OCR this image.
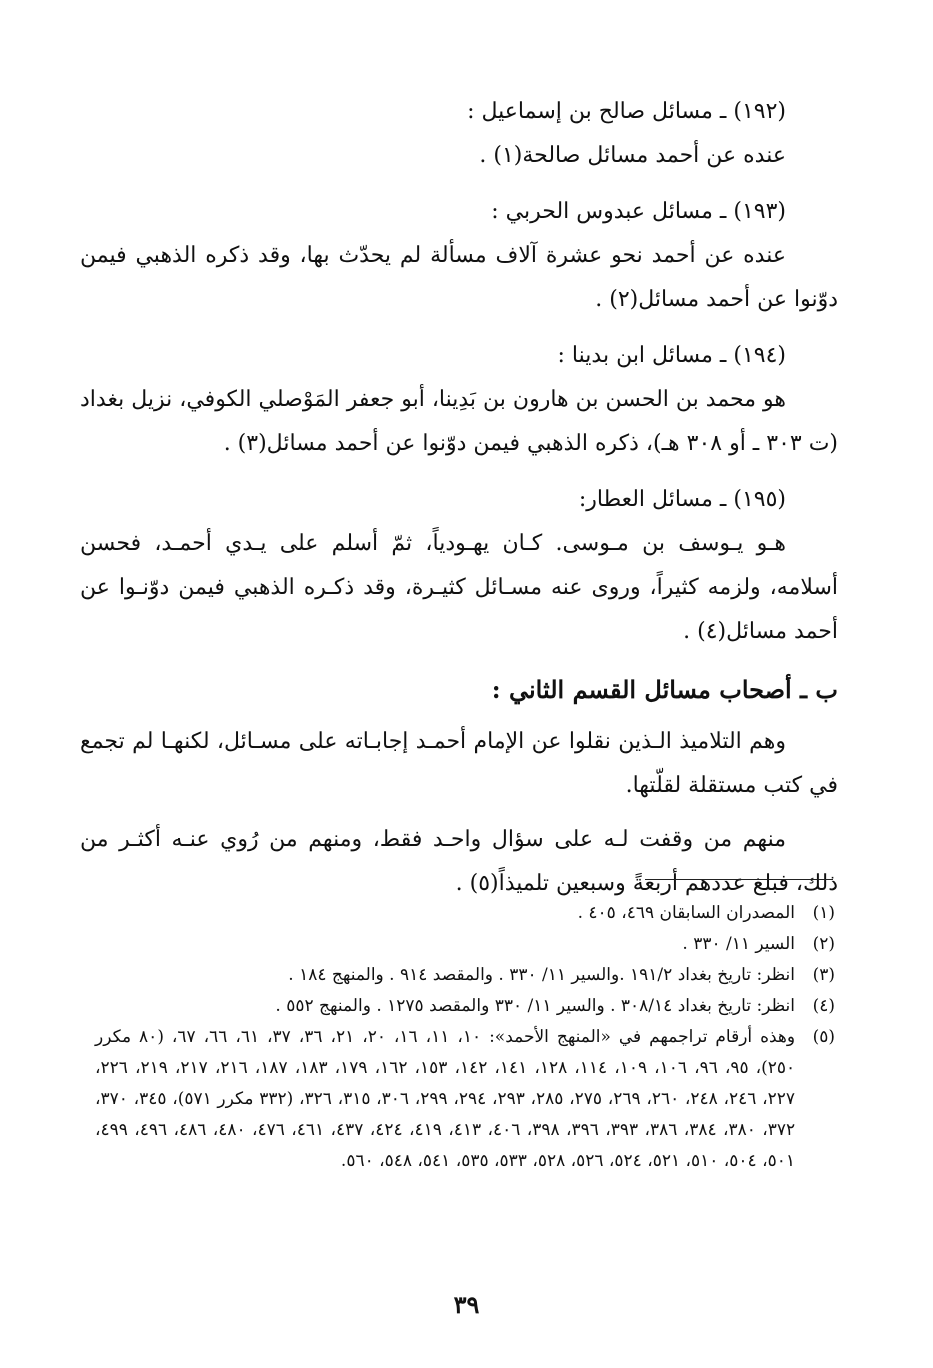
(١٩٢) ـ مسائل صالح بن إسماعيل :

عنده عن أحمد مسائل صالحة(١) .

(١٩٣) ـ مسائل عبدوس الحربي :

عنده عن أحمد نحو عشرة آلاف مسألة لم يحدّث بها، وقد ذكره الذهبي فيمن دوّنوا عن أحمد مسائل(٢) .

(١٩٤) ـ مسائل ابن بدينا :

هو محمد بن الحسن بن هارون بن بَدِينا، أبو جعفر المَوْصلي الكوفي، نزيل بغداد (ت ٣٠٣ ـ أو ٣٠٨ هـ)، ذكره الذهبي فيمن دوّنوا عن أحمد مسائل(٣) .

(١٩٥) ـ مسائل العطار:

هـو يـوسف بن مـوسى. كـان يهـودياً، ثمّ أسلم على يـدي أحمـد، فحسن أسلامه، ولزمه كثيراً، وروى عنه مسـائل كثيـرة، وقد ذكـره الذهبي فيمن دوّنـوا عن أحمد مسائل(٤) .

ب ـ أصحاب مسائل القسم الثاني :

وهم التلاميذ الـذين نقلوا عن الإمام أحمـد إجابـاته على مسـائل، لكنهـا لم تجمع في كتب مستقلة لقلّتها.

منهم من وقفت لـه على سؤال واحـد فقط، ومنهم من رُوي عنـه أكثـر من ذلك، فبلغ عددهم أربعةً وسبعين تلميذاً(٥) .

(١)
المصدران السابقان ٤٦٩، ٤٠٥ .
(٢)
السير ١١/ ٣٣٠ .
(٣)
انظر: تاريخ بغداد ١٩١/٢ .والسير ١١/ ٣٣٠ . والمقصد ٩١٤ . والمنهج ١٨٤ .
(٤)
انظر: تاريخ بغداد ٣٠٨/١٤ . والسير ١١/ ٣٣٠ والمقصد ١٢٧٥ . والمنهج ٥٥٢ .
(٥)
وهذه أرقام تراجمهم في «المنهج الأحمد»: ١٠، ١١، ١٦، ٢٠، ٢١، ٣٦، ٣٧، ٦١، ٦٦، ٦٧، (٨٠ مكرر ٢٥٠)، ٩٥، ٩٦، ١٠٦، ١٠٩، ١١٤، ١٢٨، ١٤١، ١٤٢، ١٥٣، ١٦٢، ١٧٩، ١٨٣، ١٨٧، ٢١٦، ٢١٧، ٢١٩، ٢٢٦، ٢٢٧، ٢٤٦، ٢٤٨، ٢٦٠، ٢٦٩، ٢٧٥، ٢٨٥، ٢٩٣، ٢٩٤، ٢٩٩، ٣٠٦، ٣١٥، ٣٢٦، (٣٣٢ مكرر ٥٧١)، ٣٤٥، ٣٧٠، ٣٧٢، ٣٨٠، ٣٨٤، ٣٨٦، ٣٩٣، ٣٩٦، ٣٩٨، ٤٠٦، ٤١٣، ٤١٩، ٤٢٤، ٤٣٧، ٤٦١، ٤٧٦، ٤٨٠، ٤٨٦، ٤٩٦، ٤٩٩، ٥٠١، ٥٠٤، ٥١٠، ٥٢١، ٥٢٤، ٥٢٦، ٥٢٨، ٥٣٣، ٥٣٥، ٥٤١، ٥٤٨، ٥٦٠.
٣٩
